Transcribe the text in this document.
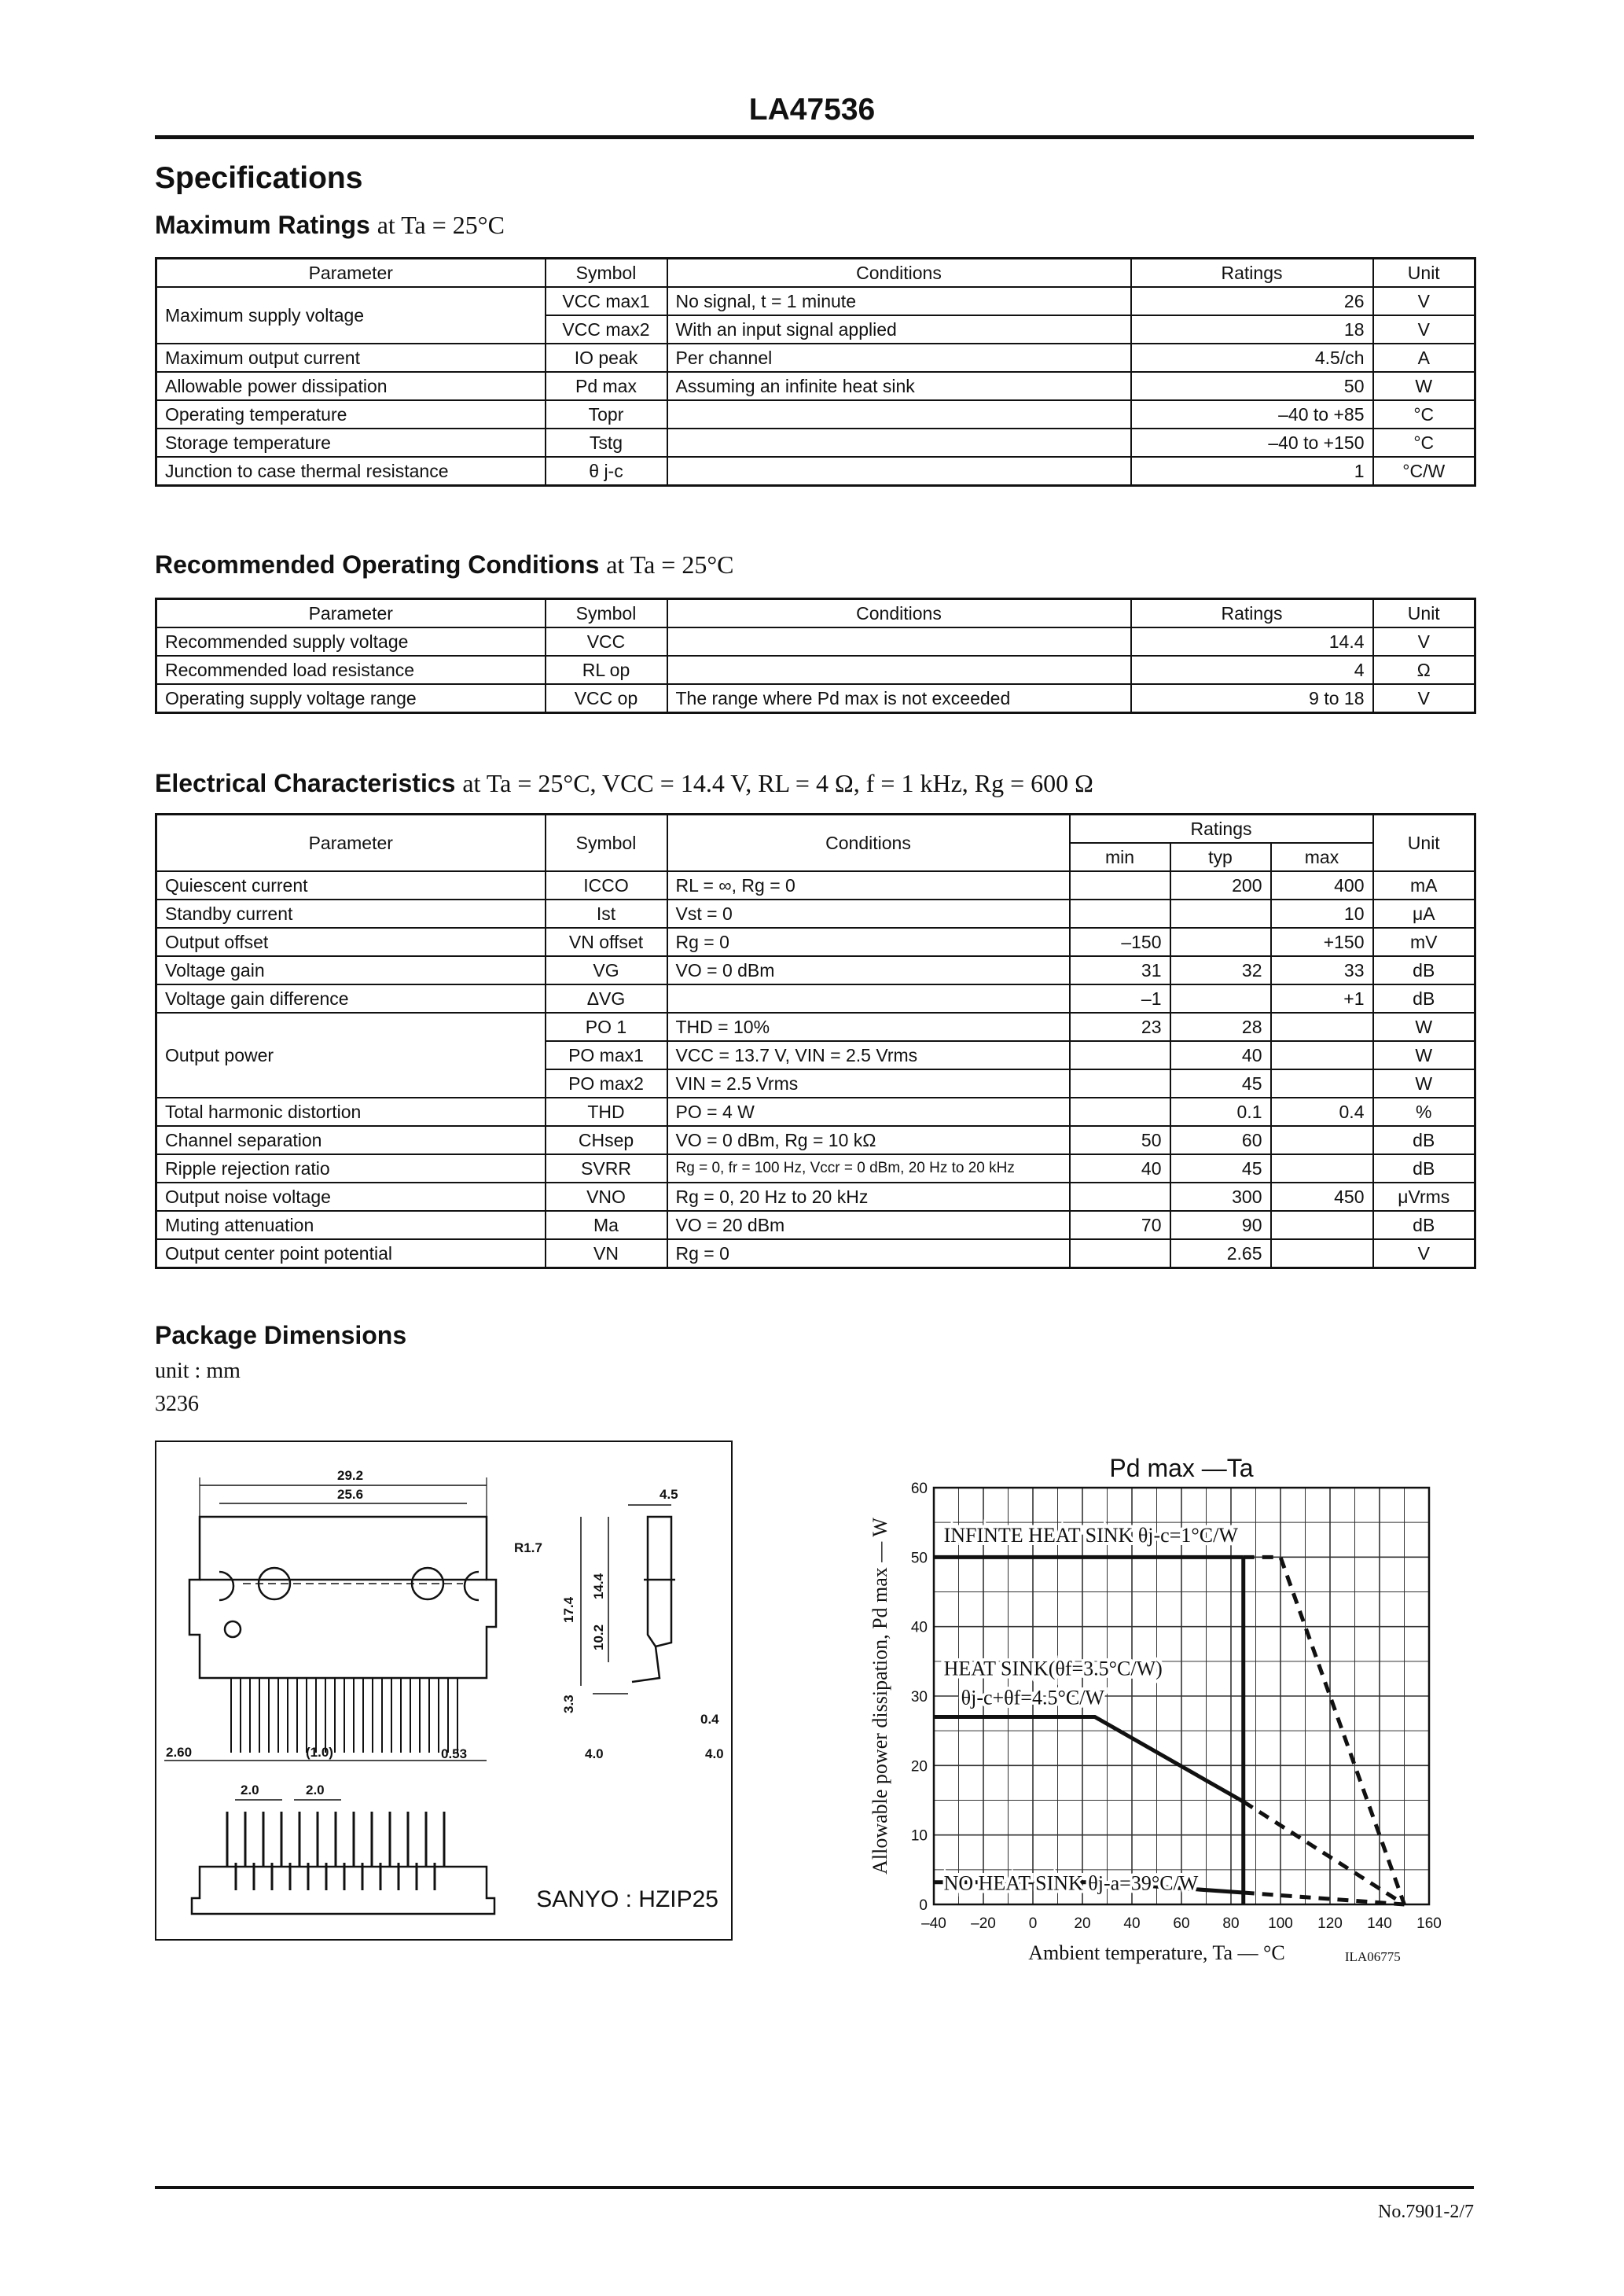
LA47536
Specifications
Maximum Ratings at Ta = 25°C
Parameter	Symbol	Conditions	Ratings	Unit
Maximum supply voltage	VCC max1	No signal, t = 1 minute	26	V
	VCC max2	With an input signal applied	18	V
Maximum output current	IO peak	Per channel	4.5/ch	A
Allowable power dissipation	Pd max	Assuming an infinite heat sink	50	W
Operating temperature	Topr		–40 to +85	°C
Storage temperature	Tstg		–40 to +150	°C
Junction to case thermal resistance	θ j-c		1	°C/W
Recommended Operating Conditions at Ta = 25°C
Parameter	Symbol	Conditions	Ratings	Unit
Recommended supply voltage	VCC		14.4	V
Recommended load resistance	RL op		4	Ω
Operating supply voltage range	VCC op	The range where Pd max is not exceeded	9 to 18	V
Electrical Characteristics at Ta = 25°C, VCC = 14.4 V, RL = 4 Ω, f = 1 kHz, Rg = 600 Ω
Parameter	Symbol	Conditions	Ratings			Unit
			min	typ	max	
Quiescent current	ICCO	RL = ∞, Rg = 0		200	400	mA
Standby current	Ist	Vst = 0			10	μA
Output offset	VN offset	Rg = 0	–150		+150	mV
Voltage gain	VG	VO = 0 dBm	31	32	33	dB
Voltage gain difference	ΔVG		–1		+1	dB
Output power	PO 1	THD = 10%	23	28		W
	PO max1	VCC = 13.7 V, VIN = 2.5 Vrms		40		W
	PO max2	VIN = 2.5 Vrms		45		W
Total harmonic distortion	THD	PO = 4 W		0.1	0.4	%
Channel separation	CHsep	VO = 0 dBm, Rg = 10 kΩ	50	60		dB
Ripple rejection ratio	SVRR	Rg = 0, fr = 100 Hz, Vccr = 0 dBm, 20 Hz to 20 kHz	40	45		dB
Output noise voltage	VNO	Rg = 0, 20 Hz to 20 kHz		300	450	μVrms
Muting attenuation	Ma	VO = 20 dBm	70	90		dB
Output center point potential	VN	Rg = 0		2.65		V
Package Dimensions
unit : mm
3236
29.2
25.6
R1.7
4.5
17.4
14.4
10.2
3.3
0.4
4.0	4.0
2.60	(1.0)	0.53
2.0	2.0
SANYO : HZIP25
INFINTE HEAT SINK θj-c=1°C/W
HEAT SINK(θf=3.5°C/W)
θj-c+θf=4.5°C/W
NO HEAT SINK θj-a=39°C/W
–40 –20 0 20 40 60 80 100 120 140 160
0
10
20
30
40
50
60
Pd max —Ta
Ambient temperature, Ta — °C
Allowable power dissipation, Pd max — W
ILA06775
No.7901-2/7
